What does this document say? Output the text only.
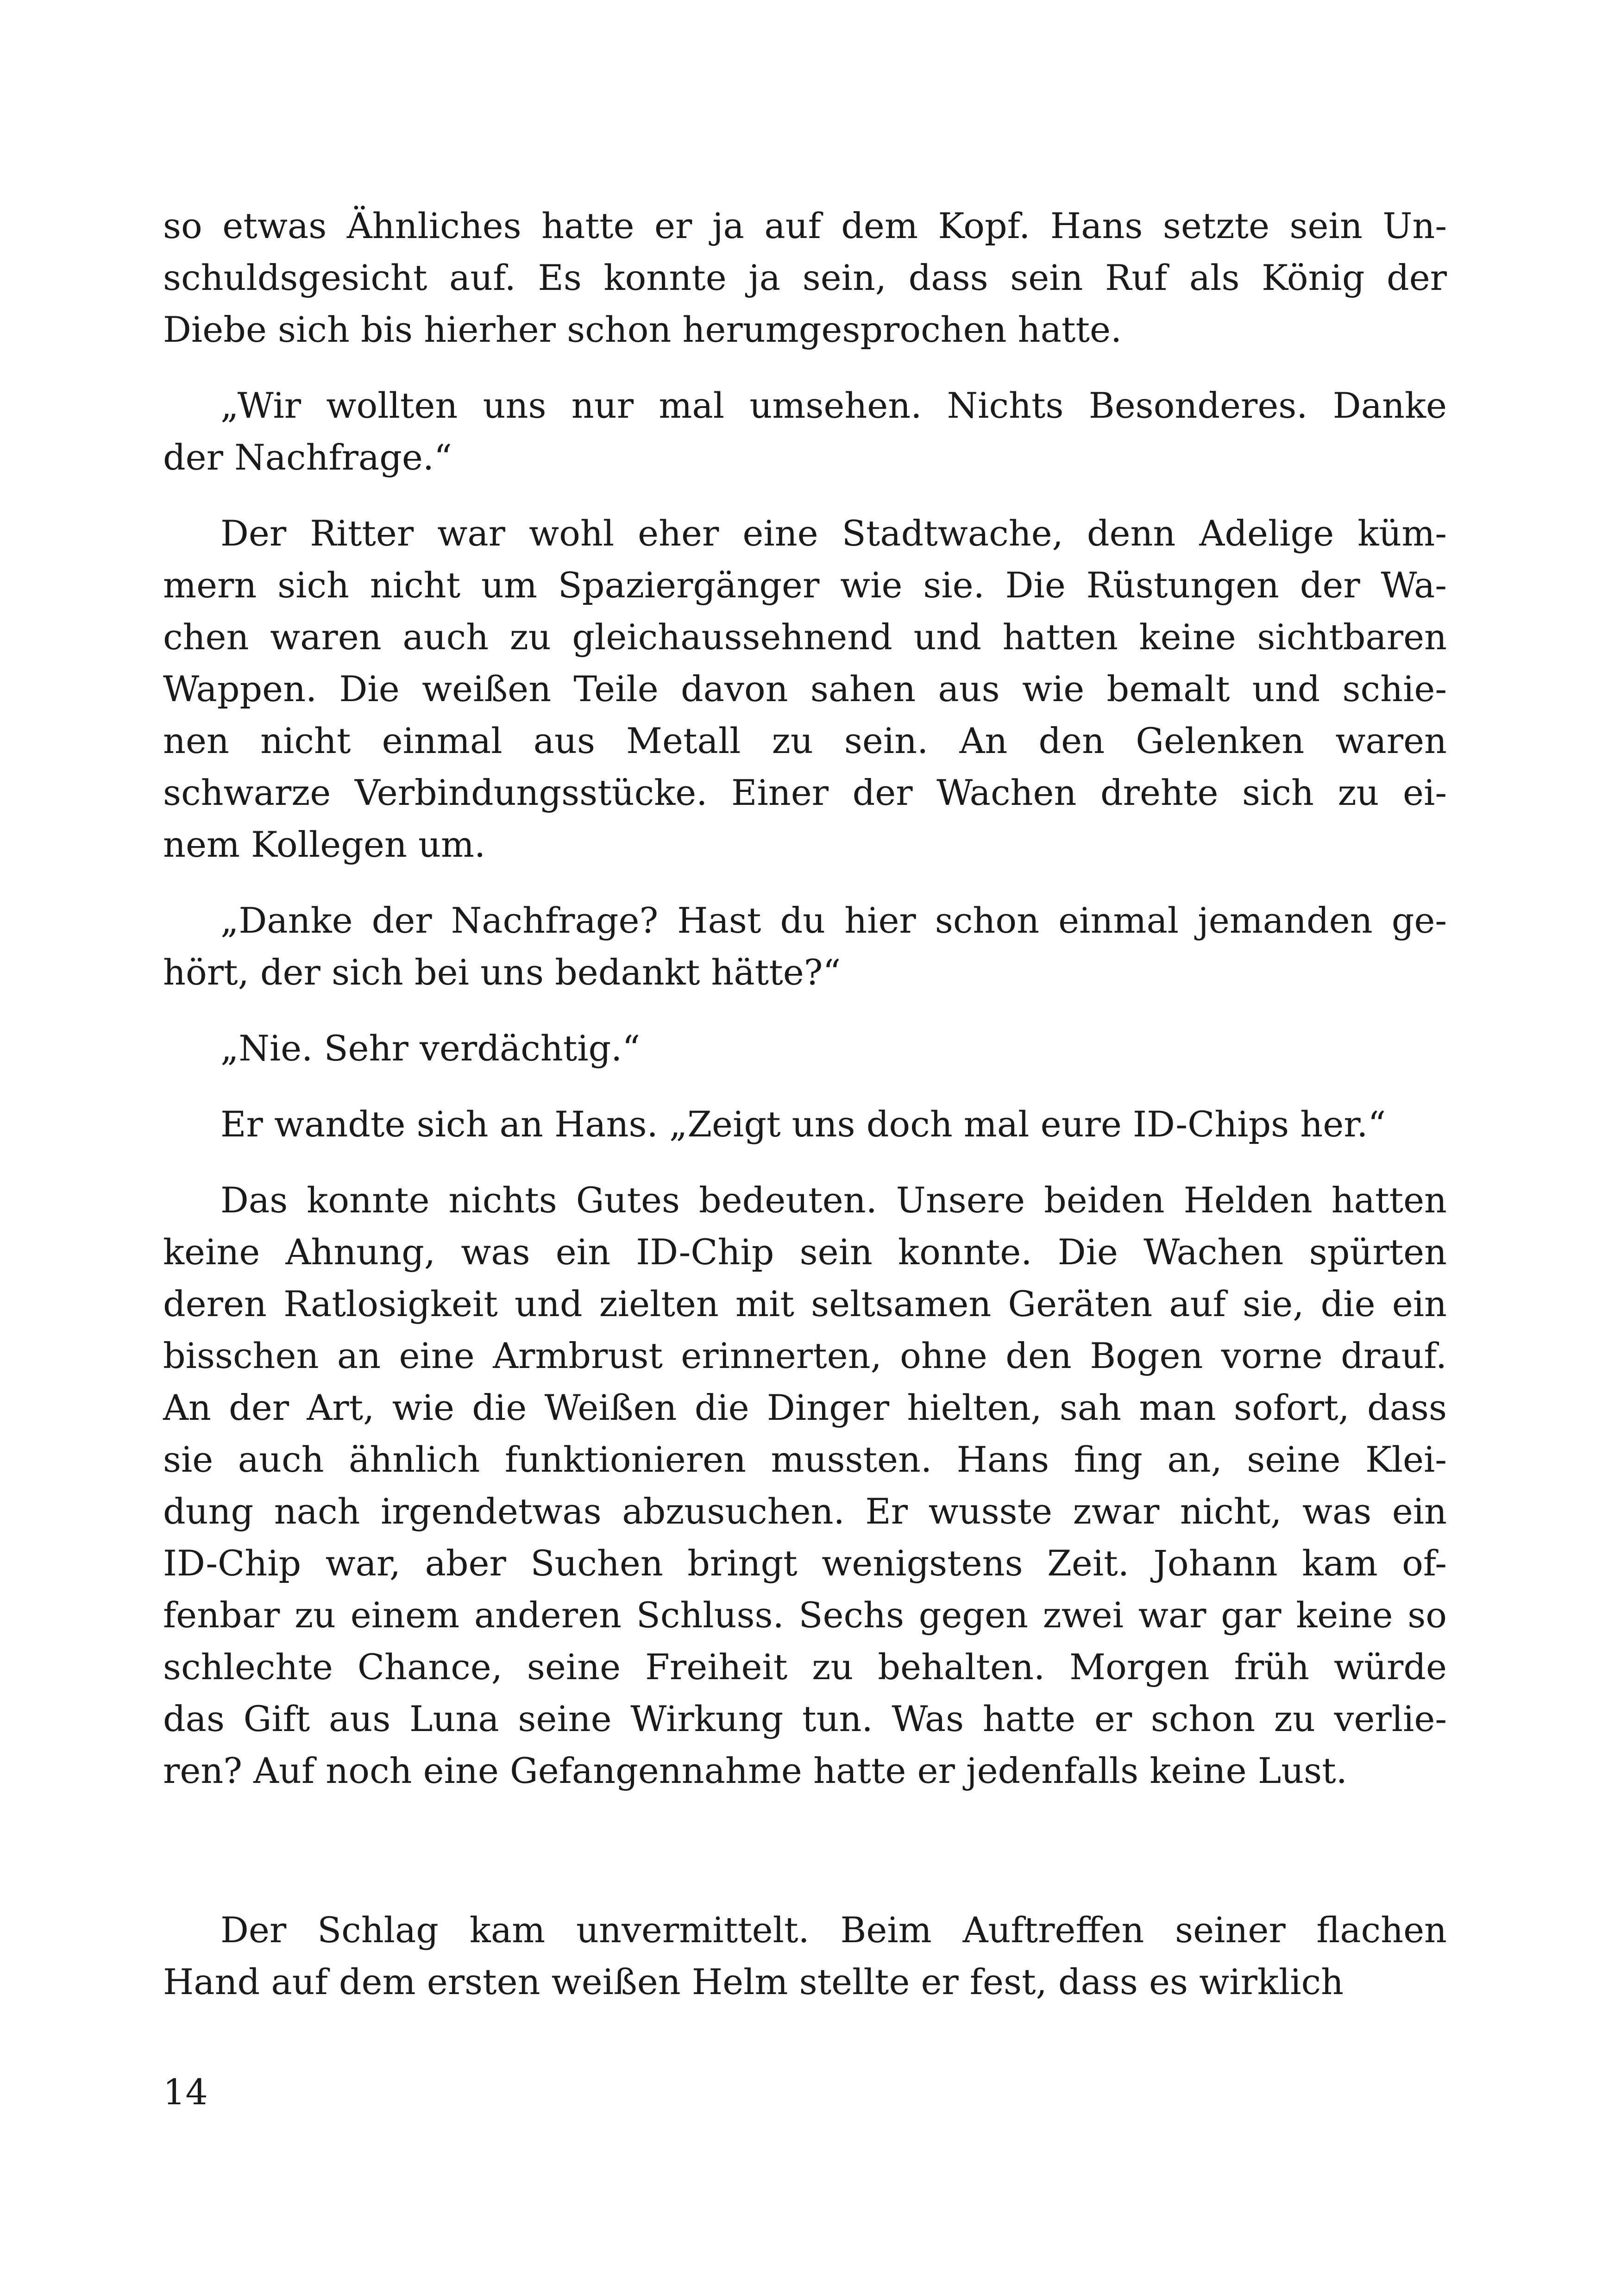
so etwas Ähnliches hatte er ja auf dem Kopf. Hans setzte sein Un-
schuldsgesicht auf. Es konnte ja sein, dass sein Ruf als König der
Diebe sich bis hierher schon herumgesprochen hatte.
„Wir wollten uns nur mal umsehen. Nichts Besonderes. Danke
der Nachfrage.“
Der Ritter war wohl eher eine Stadtwache, denn Adelige küm-
mern sich nicht um Spaziergänger wie sie. Die Rüstungen der Wa-
chen waren auch zu gleichaussehnend und hatten keine sichtbaren
Wappen. Die weißen Teile davon sahen aus wie bemalt und schie-
nen nicht einmal aus Metall zu sein. An den Gelenken waren
schwarze Verbindungsstücke. Einer der Wachen drehte sich zu ei-
nem Kollegen um.
„Danke der Nachfrage? Hast du hier schon einmal jemanden ge-
hört, der sich bei uns bedankt hätte?“
„Nie. Sehr verdächtig.“
Er wandte sich an Hans. „Zeigt uns doch mal eure ID-Chips her.“
Das konnte nichts Gutes bedeuten. Unsere beiden Helden hatten
keine Ahnung, was ein ID-Chip sein konnte. Die Wachen spürten
deren Ratlosigkeit und zielten mit seltsamen Geräten auf sie, die ein
bisschen an eine Armbrust erinnerten, ohne den Bogen vorne drauf.
An der Art, wie die Weißen die Dinger hielten, sah man sofort, dass
sie auch ähnlich funktionieren mussten. Hans fing an, seine Klei-
dung nach irgendetwas abzusuchen. Er wusste zwar nicht, was ein
ID-Chip war, aber Suchen bringt wenigstens Zeit. Johann kam of-
fenbar zu einem anderen Schluss. Sechs gegen zwei war gar keine so
schlechte Chance, seine Freiheit zu behalten. Morgen früh würde
das Gift aus Luna seine Wirkung tun. Was hatte er schon zu verlie-
ren? Auf noch eine Gefangennahme hatte er jedenfalls keine Lust.
Der Schlag kam unvermittelt. Beim Auftreffen seiner flachen
Hand auf dem ersten weißen Helm stellte er fest, dass es wirklich
14
